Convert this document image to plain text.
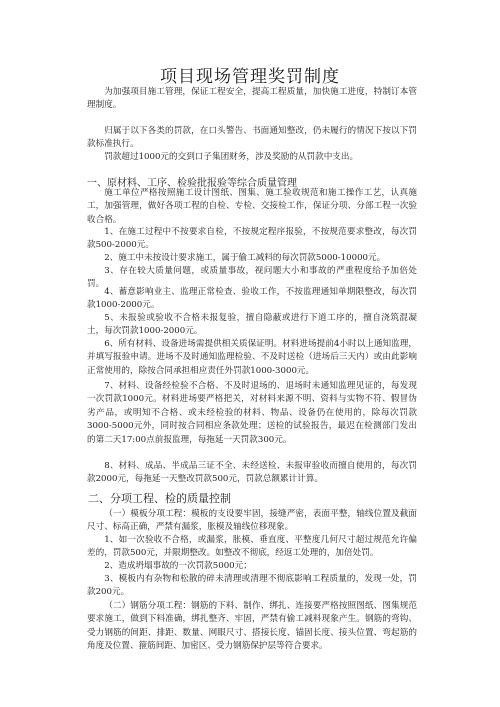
项目现场管理奖罚制度

为加强项目施工管理，保证工程安全，提高工程质量，加快施工进度，特制订本管理制度。

归属于以下各类的罚款，在口头警告、书面通知整改，仍未履行的情况下按以下罚款标准执行。

罚款超过1000元的交到口子集团财务，涉及奖励的从罚款中支出。

一、原材料、工序、检验批报验等综合质量管理

施工单位严格按照施工设计图纸、图集、施工验收规范和施工操作工艺，认真施工，加强管理，做好各项工程的自检、专检、交接检工作，保证分项、分部工程一次验收合格。

1、在施工过程中不按要求自检，不按规定程序报验，不按规范要求整改，每次罚款500-2000元。

2、施工中未按设计要求施工，属于偷工减料的每次罚款5000-10000元。

3、存在较大质量问题，或质量事故，视问题大小和事故的严重程度给予加倍处罚。

4、蓄意影响业主、监理正常检查、验收工作，不按监理通知单期限整改，每次罚款1000-2000元。

5、未报验或验收不合格未报复验，擅自隐蔽或进行下道工序的，擅自浇筑混凝土，每次罚款1000-2000元。

6、所有材料、设备进场需提供相关质保证明。材料进场提前4小时以上通知监理，并填写报验申请。进场不及时通知监理检验、不及时送检（进场后三天内）或由此影响正常使用的，除按合同承担相应责任外罚款1000-3000元。

7、材料、设备经检验不合格、不及时退场的、退场时未通知监理见证的，每发现一次罚款1000元。材料进场要严格把关，对材料来源不明、资料与实物不符、假冒伪劣产品，或明知不合格、或未经检验的材料、物品、设备仍在使用的，除每次罚款3000-5000元外，同时按合同相应条款处理；送检的试验报告，最迟在检测部门发出的第二天17:00点前报监理，每拖延一天罚款300元。

8、材料、成品、半成品三证不全、未经送检、未报审验收而擅自使用的，每次罚款2000元，每拖延一天整改罚款500元，罚款总额累计计算。

二、分项工程、检的质量控制

（一）模板分项工程：模板的支设要牢固，接缝严密，表面平整，轴线位置及截面尺寸、标高正确，严禁有漏浆，胀模及轴线位移现象。

1、如一次验收不合格，或漏浆，胀模、垂直度、平整度几何尺寸超过规范允许偏差的，罚款500元，并限期整改。如整改不彻底，经返工处理的，加倍处罚。

2、造成坍塌事故的一次罚款5000元；

3、模板内有杂物和松散的碎未清理或清理不彻底影响工程质量的，发现一处，罚款200元。

（二）钢筋分项工程：钢筋的下料、制作、绑扎、连接要严格按照图纸、图集规范要求施工，做到下料准确，绑扎整齐、牢固，严禁有偷工减料现象产生。钢筋的弯钩、受力钢筋的间距、排距、数量、网眼尺寸、搭接长度、锚固长度、接头位置、弯起筋的角度及位置、箍筋间距、加密区、受力钢筋保护层等符合要求。
